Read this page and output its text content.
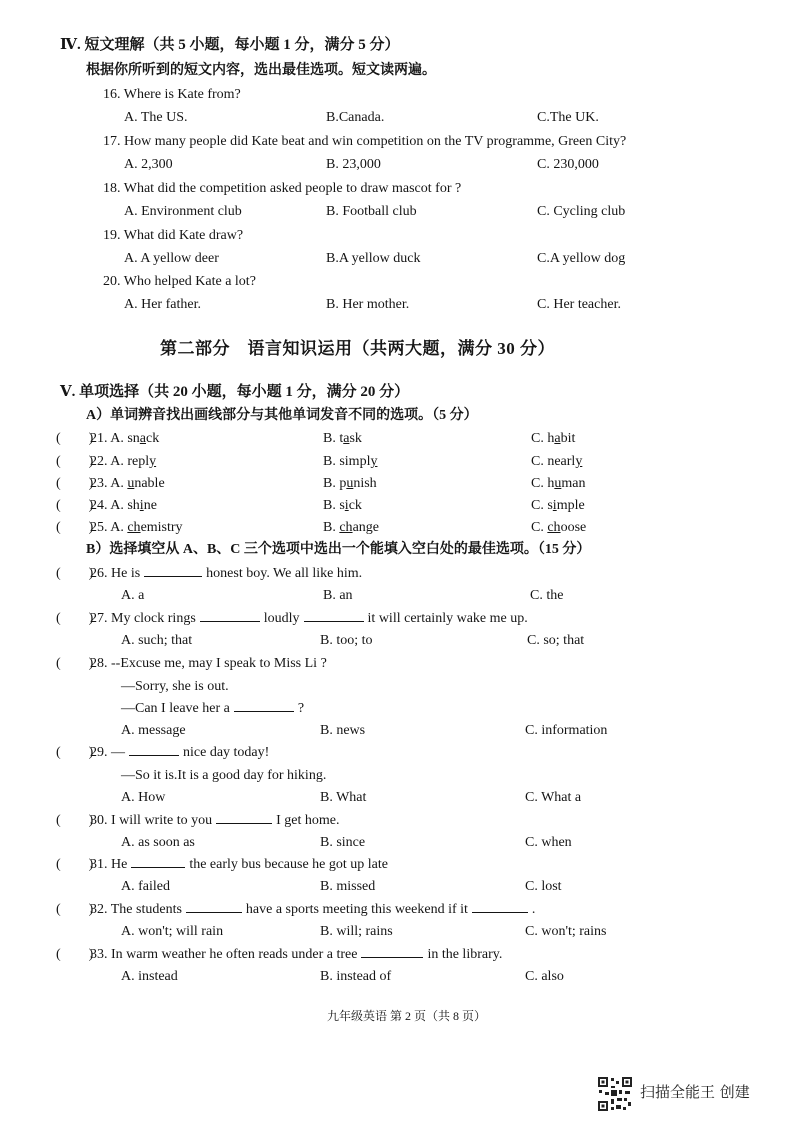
Ⅳ. 短文理解（共 5 小题，每小题 1 分，满分 5 分）
根据你所听到的短文内容，选出最佳选项。短文读两遍。
16. Where is Kate from?
A. The US.	B.Canada.	C.The UK.
17. How many people did Kate beat and win competition on the TV programme, Green City?
A. 2,300	B. 23,000	C. 230,000
18. What did the competition asked people to draw mascot for ?
A. Environment club	B. Football club	C. Cycling club
19. What did Kate draw?
A. A yellow deer	B.A yellow duck	C.A yellow dog
20. Who helped Kate a lot?
A. Her father.	B. Her mother.	C. Her teacher.
第二部分　语言知识运用（共两大题，满分 30 分）
Ⅴ. 单项选择（共 20 小题，每小题 1 分，满分 20 分）
A）单词辨音找出画线部分与其他单词发音不同的选项。（5 分）
(　　)
21. A. snack	B. task	C. habit
(　　)
22. A. reply	B. simply	C. nearly
(　　)
23. A. unable	B. punish	C. human
(　　)
24. A. shine	B. sick	C. simple
(　　)
25. A. chemistry	B. change	C. choose
B）选择填空从 A、B、C 三个选项中选出一个能填入空白处的最佳选项。（15 分）
(　　)
26. He is	honest boy. We all like him.
A. a	B. an	C. the
(　　)
27. My clock rings	loudly	it will certainly wake me up.
A. such; that	B. too; to	C. so; that
(　　)
28. --Excuse me, may I speak to Miss Li ?
—Sorry, she is out.
—Can I leave her a	?
A. message	B. news	C. information
(　　)
29. —	nice day today!
—So it is.It is a good day for hiking.
A. How	B. What	C. What a
(　　)
30. I will write to you	I get home.
A. as soon as	B. since	C. when
(　　)
31. He	the early bus because he got up late
A. failed	B. missed	C. lost
(　　)
32. The students	have a sports meeting this weekend if it	.
A. won't; will rain	B. will; rains	C. won't; rains
(　　)
33. In warm weather he often reads under a tree	in the library.
A. instead	B. instead of	C. also
九年级英语 第 2 页（共 8 页）
扫描全能王 创建
